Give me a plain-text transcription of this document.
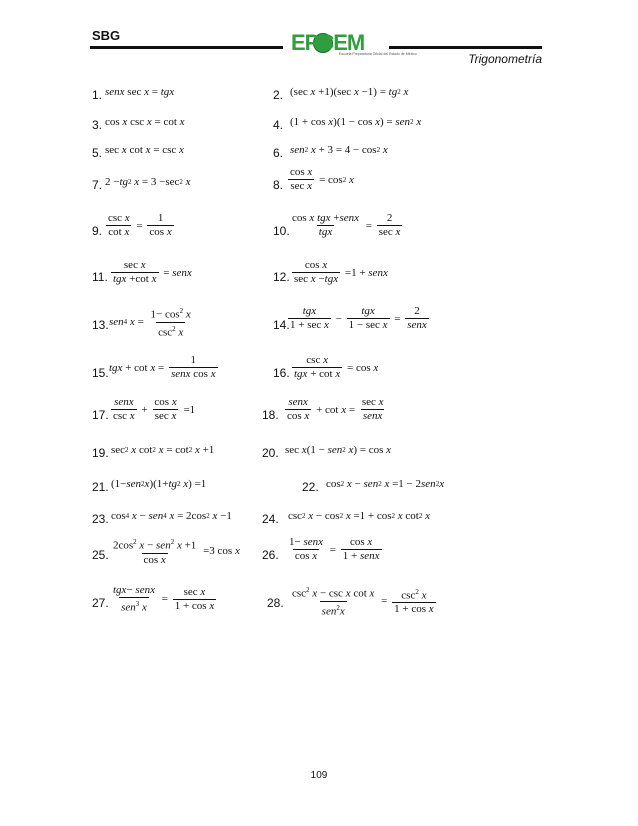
SBG	EPCEM
Escuela Preparatoria Oficial del Estado de México	Trigonometría
1. senx sec x = tgx	2. (sec x +1)(sec x −1) = tg 2
x
3. cos x csc x = cot x	4. (1 + cos x )(1 − cos x ) = sen 2
x
5. sec x cot x = csc x	6. sen 2
x + 3 = 4 − cos 2
x
7. 2 − tg 2
x = 3 −sec 2
x	8.
cos x
sec x
= cos 2
x
9.
csc x
cot x
=
1
cos x	10.
cos x tgx +senx
tgx
=
2
sec x
11.
sec x
tgx +cot x
= senx	12.
cos x
sec x −tgx
=1 + senx
13. sen 4
x =
$1- \cos^2 x$
$\csc^2 x$
14.
tgx
1 + sec x
−
tgx
1 − sec x
=
2
senx
15. tgx + cot x =
1
senx cos x	16.
csc x
tgx + cot x
= cos x
17.
senx
csc x
+
cos x
sec x
=1	18.
senx
cos x
+ cot x =
sec x
senx
19. sec 2
x cot 2
x = cot 2
x +1	20. sec x (1 − sen 2
x ) = cos x
21. (1− sen 2 x )(1+ tg 2
x ) =1	22. cos 2
x − sen 2
x =1 − 2 sen 2 x
23. cos 4
x − sen 4
x = 2cos 2
x −1	24. csc 2
x − cos 2
x =1 + cos 2
x cot 2
x
25.
$2\cos^2$ x − sen$^2$ x +1
cos x
=3 cos x 26.
1− senx
cos x
=
cos x
1 + senx
27.
tgx− senx
sen$^3$ x
=
sec x
1 + cos x	28.
$\csc^2 x - \csc x$ cot x
sen$^2$x
= $\csc^2 x$
1 + cos x
109
